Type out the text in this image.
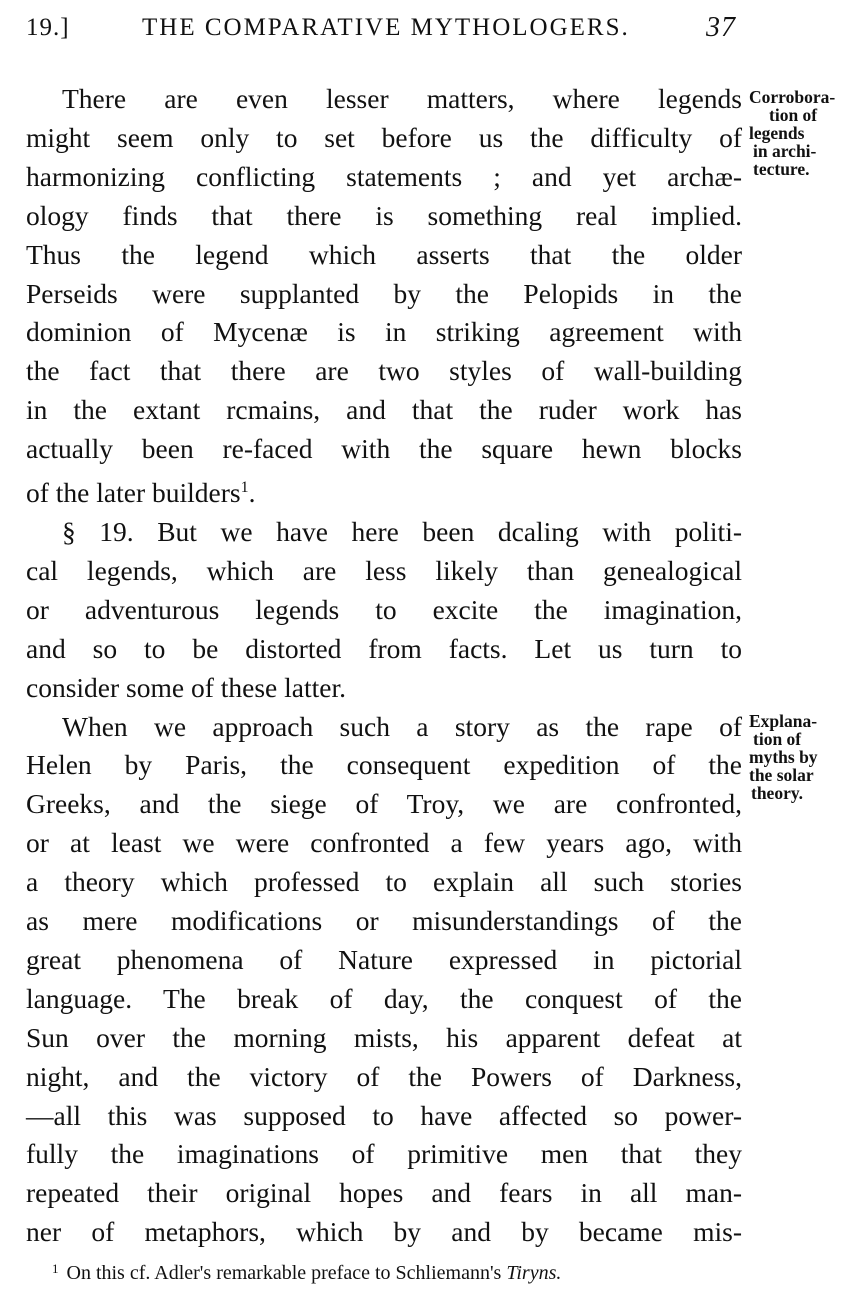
19.]	THE COMPARATIVE MYTHOLOGERS.	37
There are even lesser matters, where legends
might seem only to set before us the difficulty of
harmonizing conflicting statements ; and yet archæ-
ology finds that there is something real implied.
Thus the legend which asserts that the older
Perseids were supplanted by the Pelopids in the
dominion of Mycenæ is in striking agreement with
the fact that there are two styles of wall-building
in the extant rcmains, and that the ruder work has
actually been re-faced with the square hewn blocks
of the later builders$^1$.
§ 19. But we have here been dcaling with politi-
cal legends, which are less likely than genealogical
or adventurous legends to excite the imagination,
and so to be distorted from facts. Let us turn to
consider some of these latter.
When we approach such a story as the rape of
Helen by Paris, the consequent expedition of the
Greeks, and the siege of Troy, we are confronted,
or at least we were confronted a few years ago, with
a theory which professed to explain all such stories
as mere modifications or misunderstandings of the
great phenomena of Nature expressed in pictorial
language. The break of day, the conquest of the
Sun over the morning mists, his apparent defeat at
night, and the victory of the Powers of Darkness,
—all this was supposed to have affected so power-
fully the imaginations of primitive men that they
repeated their original hopes and fears in all man-
ner of metaphors, which by and by became mis-
Corrobora-
tion of
legends
in archi-
tecture.
Explana-
tion of
myths by
the solar
theory.
$^1$ On this cf. Adler's remarkable preface to Schliemann's Tiryns.
